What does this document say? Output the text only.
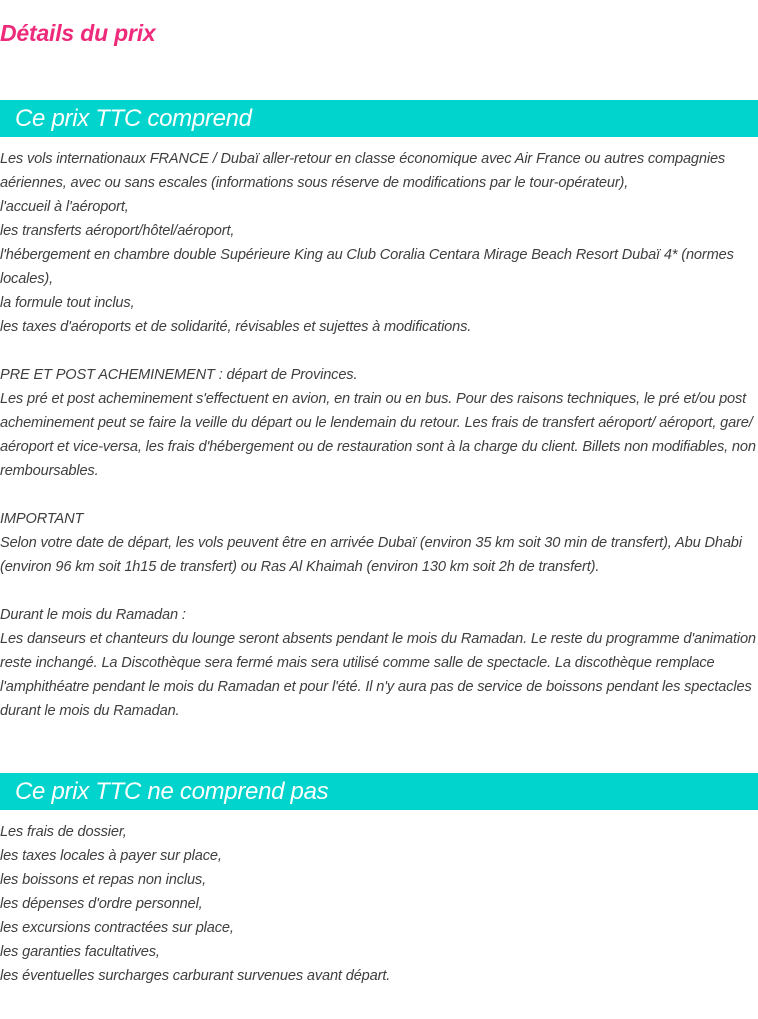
Détails du prix
Ce prix TTC comprend
Les vols internationaux FRANCE / Dubaï aller-retour en classe économique avec Air France ou autres compagnies
aériennes, avec ou sans escales (informations sous réserve de modifications par le tour-opérateur),
l'accueil à l'aéroport,
les transferts aéroport/hôtel/aéroport,
l'hébergement en chambre double Supérieure King au Club Coralia Centara Mirage Beach Resort Dubaï 4* (normes
locales),
la formule tout inclus,
les taxes d'aéroports et de solidarité, révisables et sujettes à modifications.
PRE ET POST ACHEMINEMENT : départ de Provinces.
Les pré et post acheminement s'effectuent en avion, en train ou en bus. Pour des raisons techniques, le pré et/ou post
acheminement peut se faire la veille du départ ou le lendemain du retour. Les frais de transfert aéroport/ aéroport, gare/
aéroport et vice-versa, les frais d'hébergement ou de restauration sont à la charge du client. Billets non modifiables, non
remboursables.
IMPORTANT
Selon votre date de départ, les vols peuvent être en arrivée Dubaï (environ 35 km soit 30 min de transfert), Abu Dhabi
(environ 96 km soit 1h15 de transfert) ou Ras Al Khaimah (environ 130 km soit 2h de transfert).
Durant le mois du Ramadan :
Les danseurs et chanteurs du lounge seront absents pendant le mois du Ramadan. Le reste du programme d'animation
reste inchangé. La Discothèque sera fermé mais sera utilisé comme salle de spectacle. La discothèque remplace
l'amphithéatre pendant le mois du Ramadan et pour l'été. Il n'y aura pas de service de boissons pendant les spectacles
durant le mois du Ramadan.
Ce prix TTC ne comprend pas
Les frais de dossier,
les taxes locales à payer sur place,
les boissons et repas non inclus,
les dépenses d'ordre personnel,
les excursions contractées sur place,
les garanties facultatives,
les éventuelles surcharges carburant survenues avant départ.
